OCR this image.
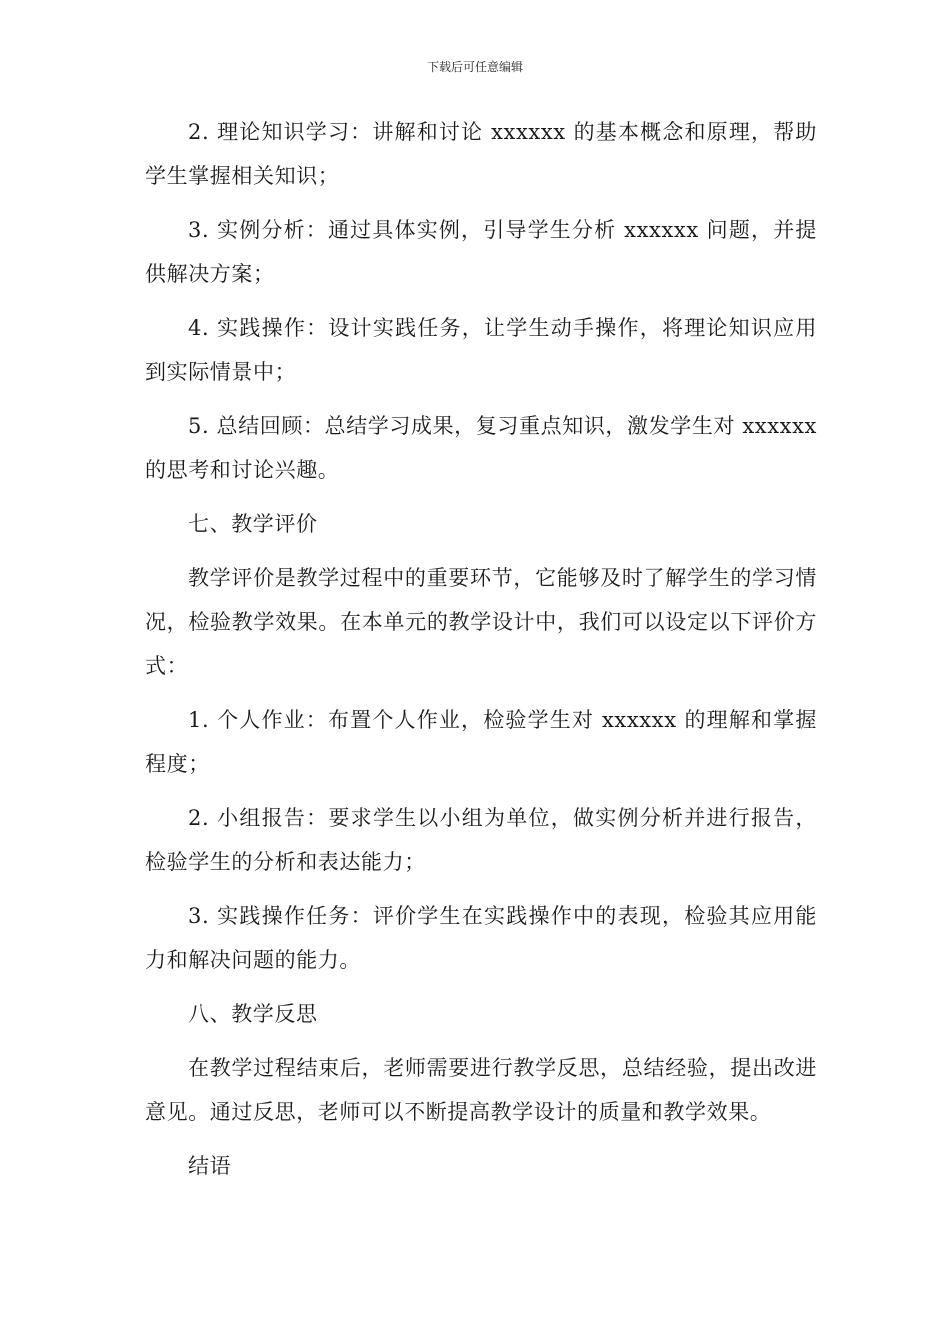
下载后可任意编辑

2. 理论知识学习：讲解和讨论 xxxxxx 的基本概念和原理，帮助学生掌握相关知识；

3. 实例分析：通过具体实例，引导学生分析 xxxxxx 问题，并提供解决方案；

4. 实践操作：设计实践任务，让学生动手操作，将理论知识应用到实际情景中；

5. 总结回顾：总结学习成果，复习重点知识，激发学生对 xxxxxx 的思考和讨论兴趣。

七、教学评价

教学评价是教学过程中的重要环节，它能够及时了解学生的学习情况，检验教学效果。在本单元的教学设计中，我们可以设定以下评价方式：

1. 个人作业：布置个人作业，检验学生对 xxxxxx 的理解和掌握程度；

2. 小组报告：要求学生以小组为单位，做实例分析并进行报告，检验学生的分析和表达能力；

3. 实践操作任务：评价学生在实践操作中的表现，检验其应用能力和解决问题的能力。

八、教学反思

在教学过程结束后，老师需要进行教学反思，总结经验，提出改进意见。通过反思，老师可以不断提高教学设计的质量和教学效果。

结语
